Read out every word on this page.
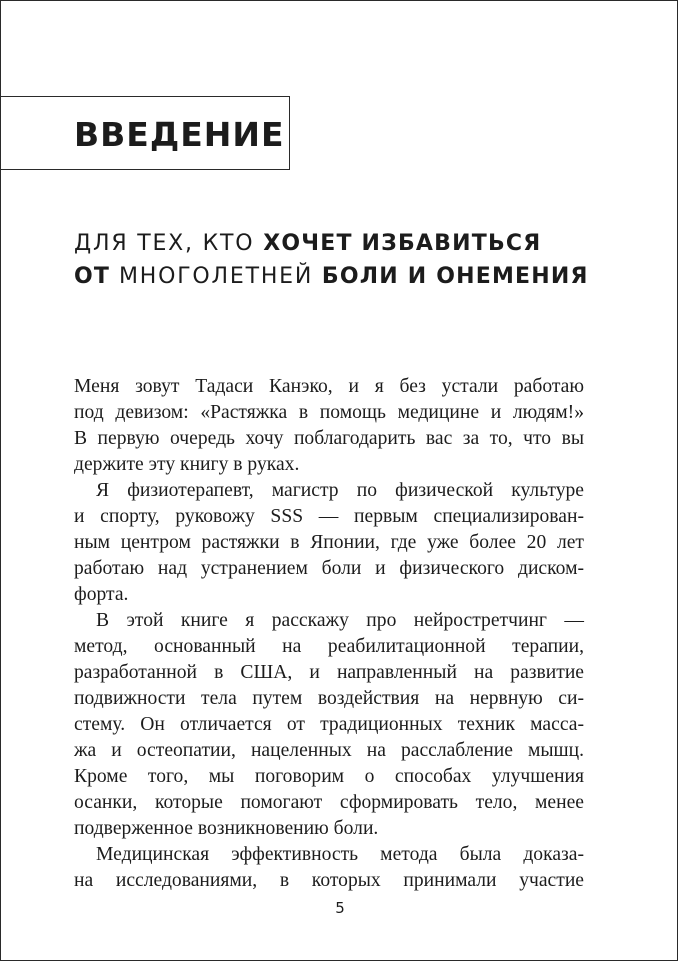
ВВЕДЕНИЕ
ДЛЯ ТЕХ, КТО ХОЧЕТ ИЗБАВИТЬСЯ
ОТ МНОГОЛЕТНЕЙ БОЛИ И ОНЕМЕНИЯ
Меня зовут Тадаси Канэко, и я без устали работаю
под девизом: «Растяжка в помощь медицине и людям!»
В первую очередь хочу поблагодарить вас за то, что вы
держите эту книгу в руках.
Я физиотерапевт, магистр по физической культуре
и спорту, руковожу SSS — первым специализирован-
ным центром растяжки в Японии, где уже более 20 лет
работаю над устранением боли и физического диском-
форта.
В этой книге я расскажу про нейростретчинг —
метод, основанный на реабилитационной терапии,
разработанной в США, и направленный на развитие
подвижности тела путем воздействия на нервную си-
стему. Он отличается от традиционных техник масса-
жа и остеопатии, нацеленных на расслабление мышц.
Кроме того, мы поговорим о способах улучшения
осанки, которые помогают сформировать тело, менее
подверженное возникновению боли.
Медицинская эффективность метода была доказа-
на исследованиями, в которых принимали участие
5
